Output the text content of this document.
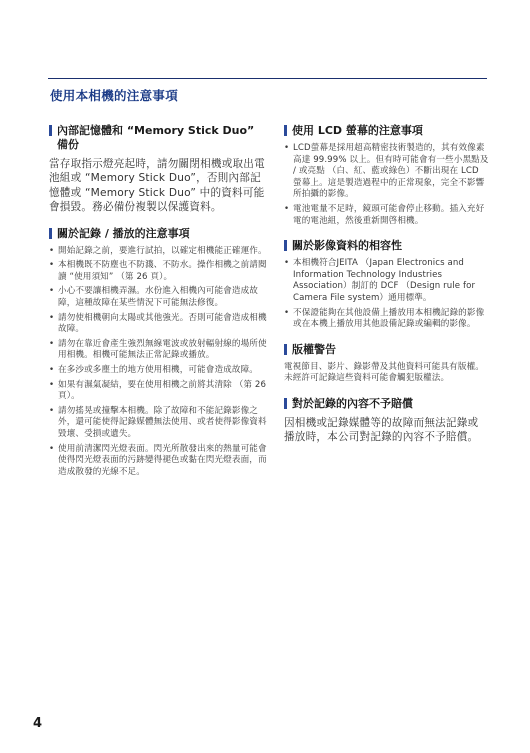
使用本相機的注意事項
內部記憶體和 “Memory Stick Duo” 備份
當存取指示燈亮起時，請勿關閉相機或取出電池組或 “Memory Stick Duo”，否則內部記憶體或 “Memory Stick Duo” 中的資料可能會損毀。務必備份複製以保護資料。
關於記錄 / 播放的注意事項
• 開始記錄之前，要進行試拍，以確定相機能正確運作。
• 本相機既不防塵也不防濺、不防水。操作相機之前請閱讀 “使用須知” （第 26 頁）。
• 小心不要讓相機弄濕。水份進入相機內可能會造成故障，這種故障在某些情況下可能無法修復。
• 請勿使相機朝向太陽或其他強光。否則可能會造成相機故障。
• 請勿在靠近會產生強烈無線電波或放射輻射線的場所使用相機。相機可能無法正常記錄或播放。
• 在多沙或多塵土的地方使用相機，可能會造成故障。
• 如果有濕氣凝結，要在使用相機之前將其清除 （第 26 頁）。
• 請勿搖晃或撞擊本相機。除了故障和不能記錄影像之外，還可能使得記錄媒體無法使用、或者使得影像資料毀壞、受損或遺失。
• 使用前清潔閃光燈表面。閃光所散發出來的熱量可能會使得閃光燈表面的污跡變得褪色或黏在閃光燈表面，而造成散發的光線不足。
使用 LCD 螢幕的注意事項
• LCD螢幕是採用超高精密技術製造的，其有效像素高達 99.99% 以上。但有時可能會有一些小黑點及 / 或亮點 （白、紅、藍或綠色）不斷出現在 LCD 螢幕上。這是製造過程中的正常現象，完全不影響所拍攝的影像。
• 電池電量不足時，鏡頭可能會停止移動。插入充好電的電池組，然後重新開啓相機。
關於影像資料的相容性
• 本相機符合JEITA （Japan Electronics and Information Technology Industries Association）制訂的 DCF （Design rule for Camera File system）通用標準。
• 不保證能夠在其他設備上播放用本相機記錄的影像或在本機上播放用其他設備記錄或編輯的影像。
版權警告
電視節目、影片、錄影帶及其他資料可能具有版權。未經許可記錄這些資料可能會觸犯版權法。
對於記錄的內容不予賠償
因相機或記錄媒體等的故障而無法記錄或播放時，本公司對記錄的內容不予賠償。
4
